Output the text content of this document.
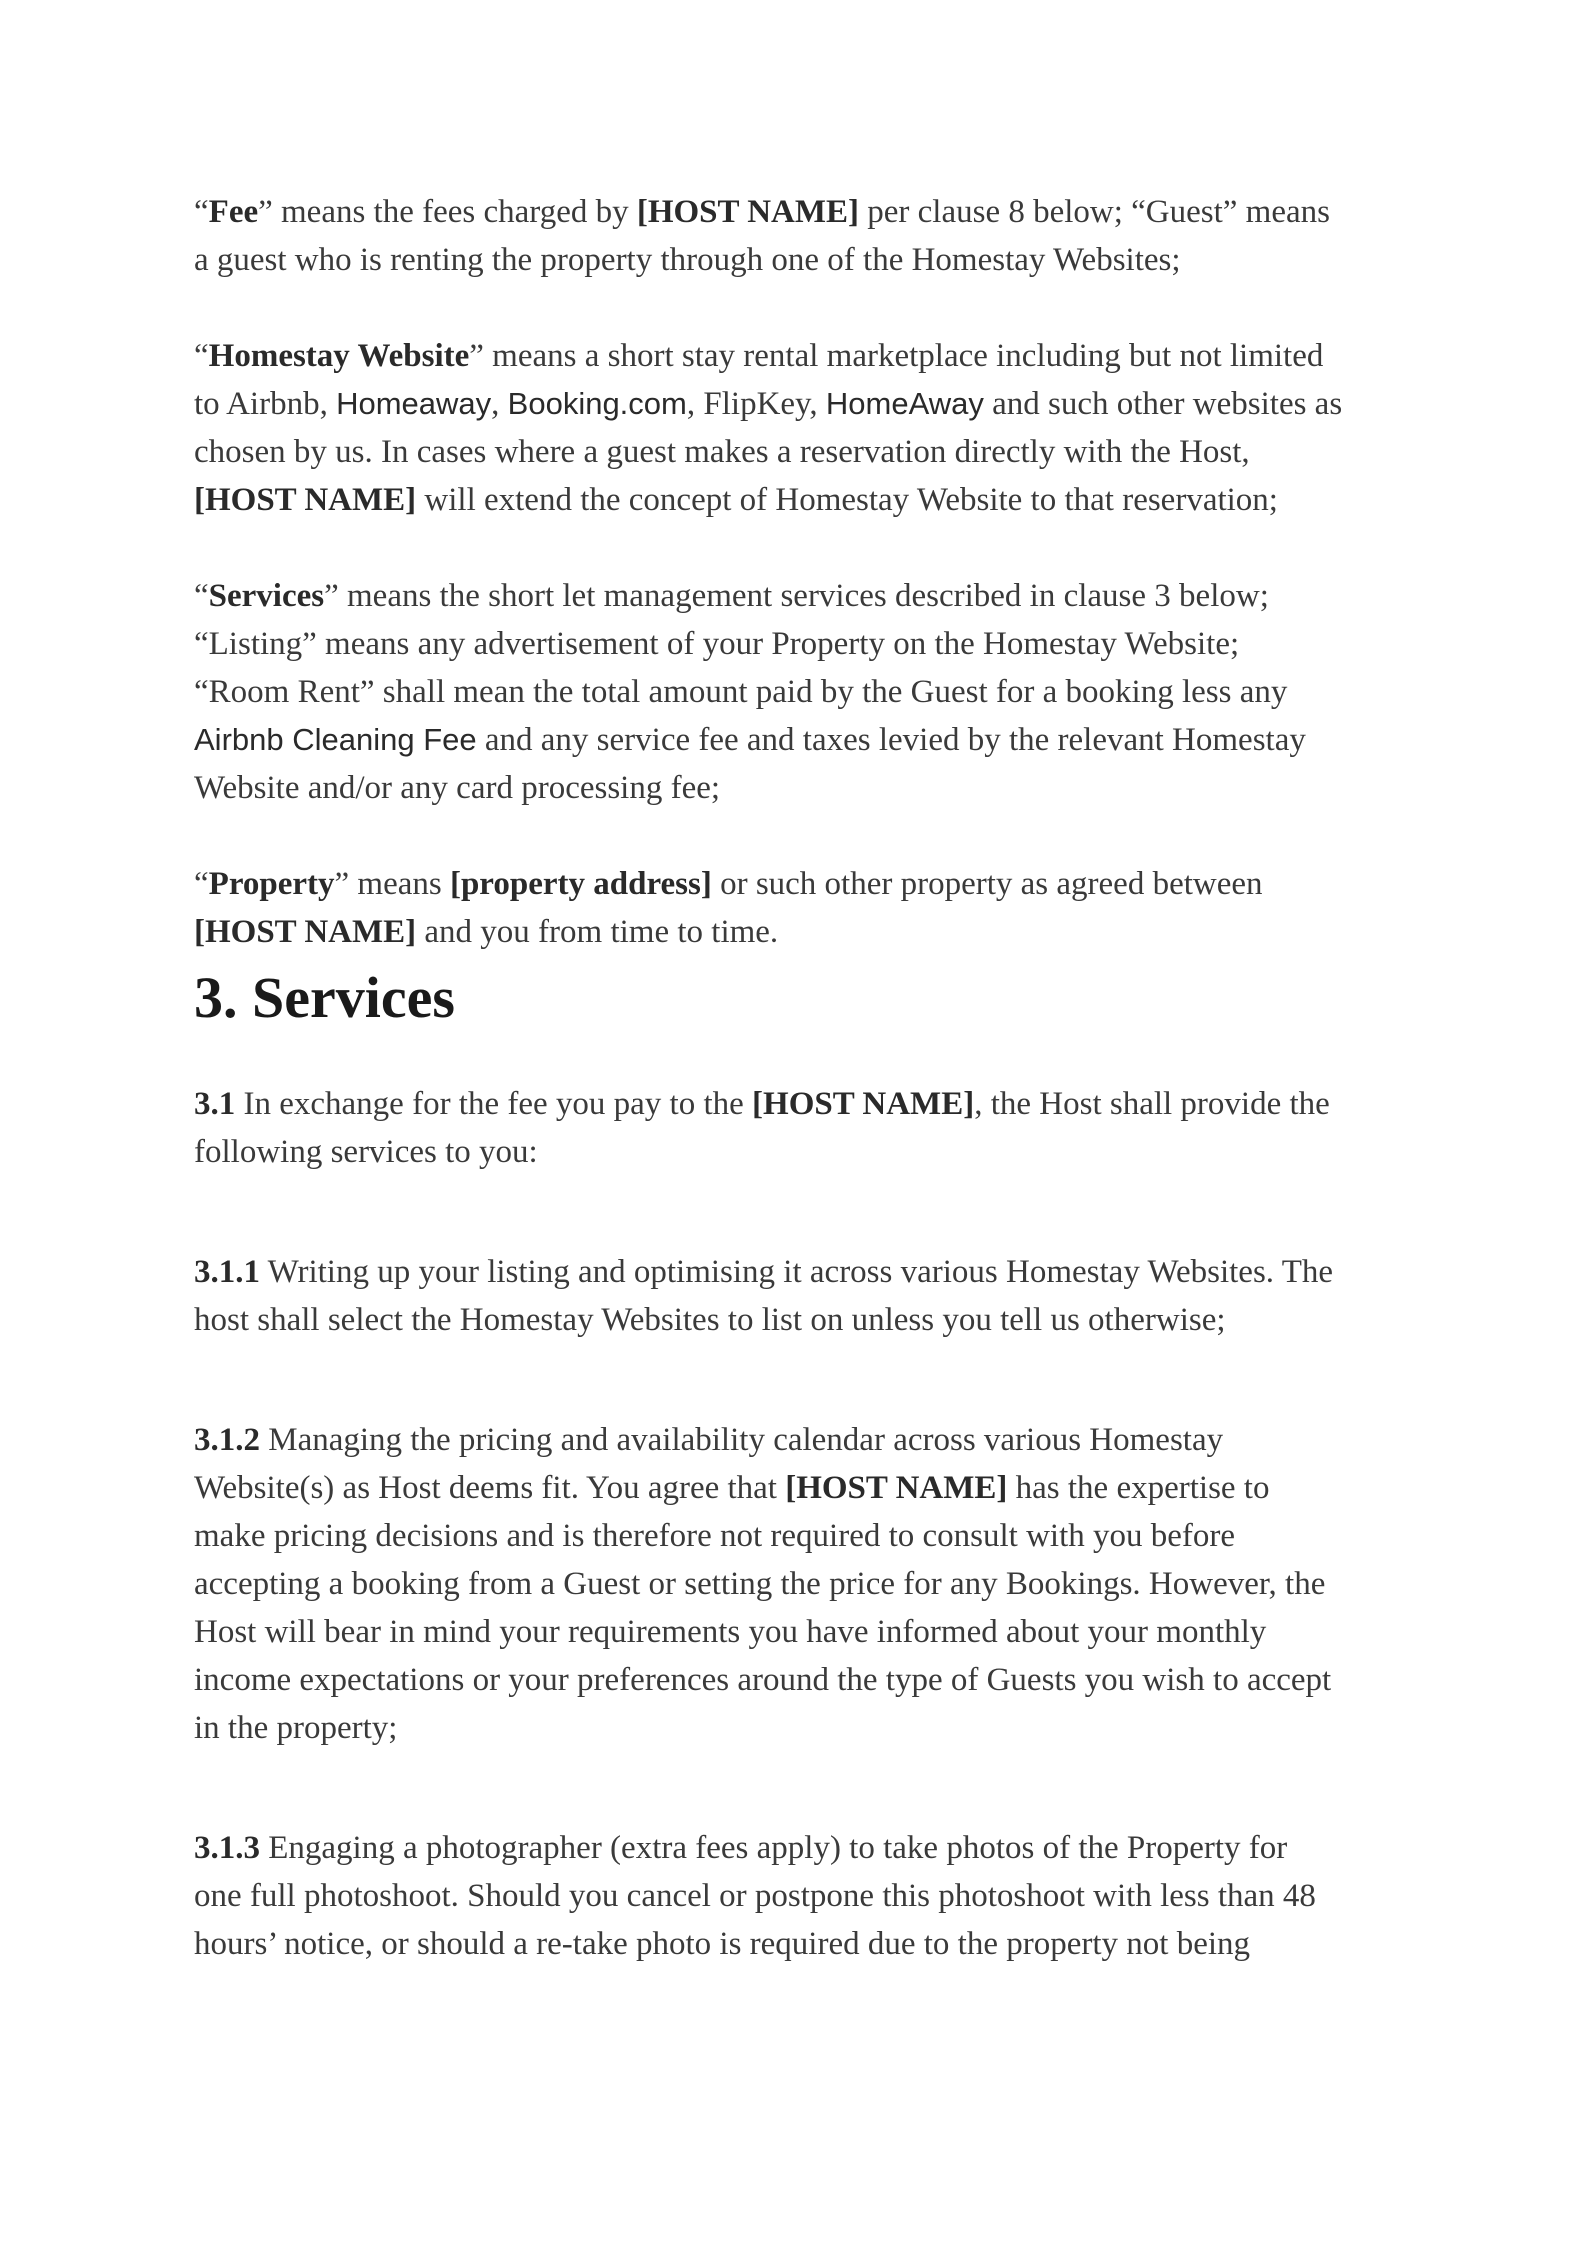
“Fee” means the fees charged by [HOST NAME] per clause 8 below; “Guest” means
a guest who is renting the property through one of the Homestay Websites;

“Homestay Website” means a short stay rental marketplace including but not limited
to Airbnb, Homeaway, Booking.com, FlipKey, HomeAway and such other websites as
chosen by us. In cases where a guest makes a reservation directly with the Host,
[HOST NAME] will extend the concept of Homestay Website to that reservation;

“Services” means the short let management services described in clause 3 below;
“Listing” means any advertisement of your Property on the Homestay Website;
“Room Rent” shall mean the total amount paid by the Guest for a booking less any
Airbnb Cleaning Fee and any service fee and taxes levied by the relevant Homestay
Website and/or any card processing fee;

“Property” means [property address] or such other property as agreed between
[HOST NAME] and you from time to time.

3. Services

3.1 In exchange for the fee you pay to the [HOST NAME], the Host shall provide the
following services to you:

3.1.1 Writing up your listing and optimising it across various Homestay Websites. The
host shall select the Homestay Websites to list on unless you tell us otherwise;

3.1.2 Managing the pricing and availability calendar across various Homestay
Website(s) as Host deems fit. You agree that [HOST NAME] has the expertise to
make pricing decisions and is therefore not required to consult with you before
accepting a booking from a Guest or setting the price for any Bookings. However, the
Host will bear in mind your requirements you have informed about your monthly
income expectations or your preferences around the type of Guests you wish to accept
in the property;

3.1.3 Engaging a photographer (extra fees apply) to take photos of the Property for
one full photoshoot. Should you cancel or postpone this photoshoot with less than 48
hours’ notice, or should a re-take photo is required due to the property not being
